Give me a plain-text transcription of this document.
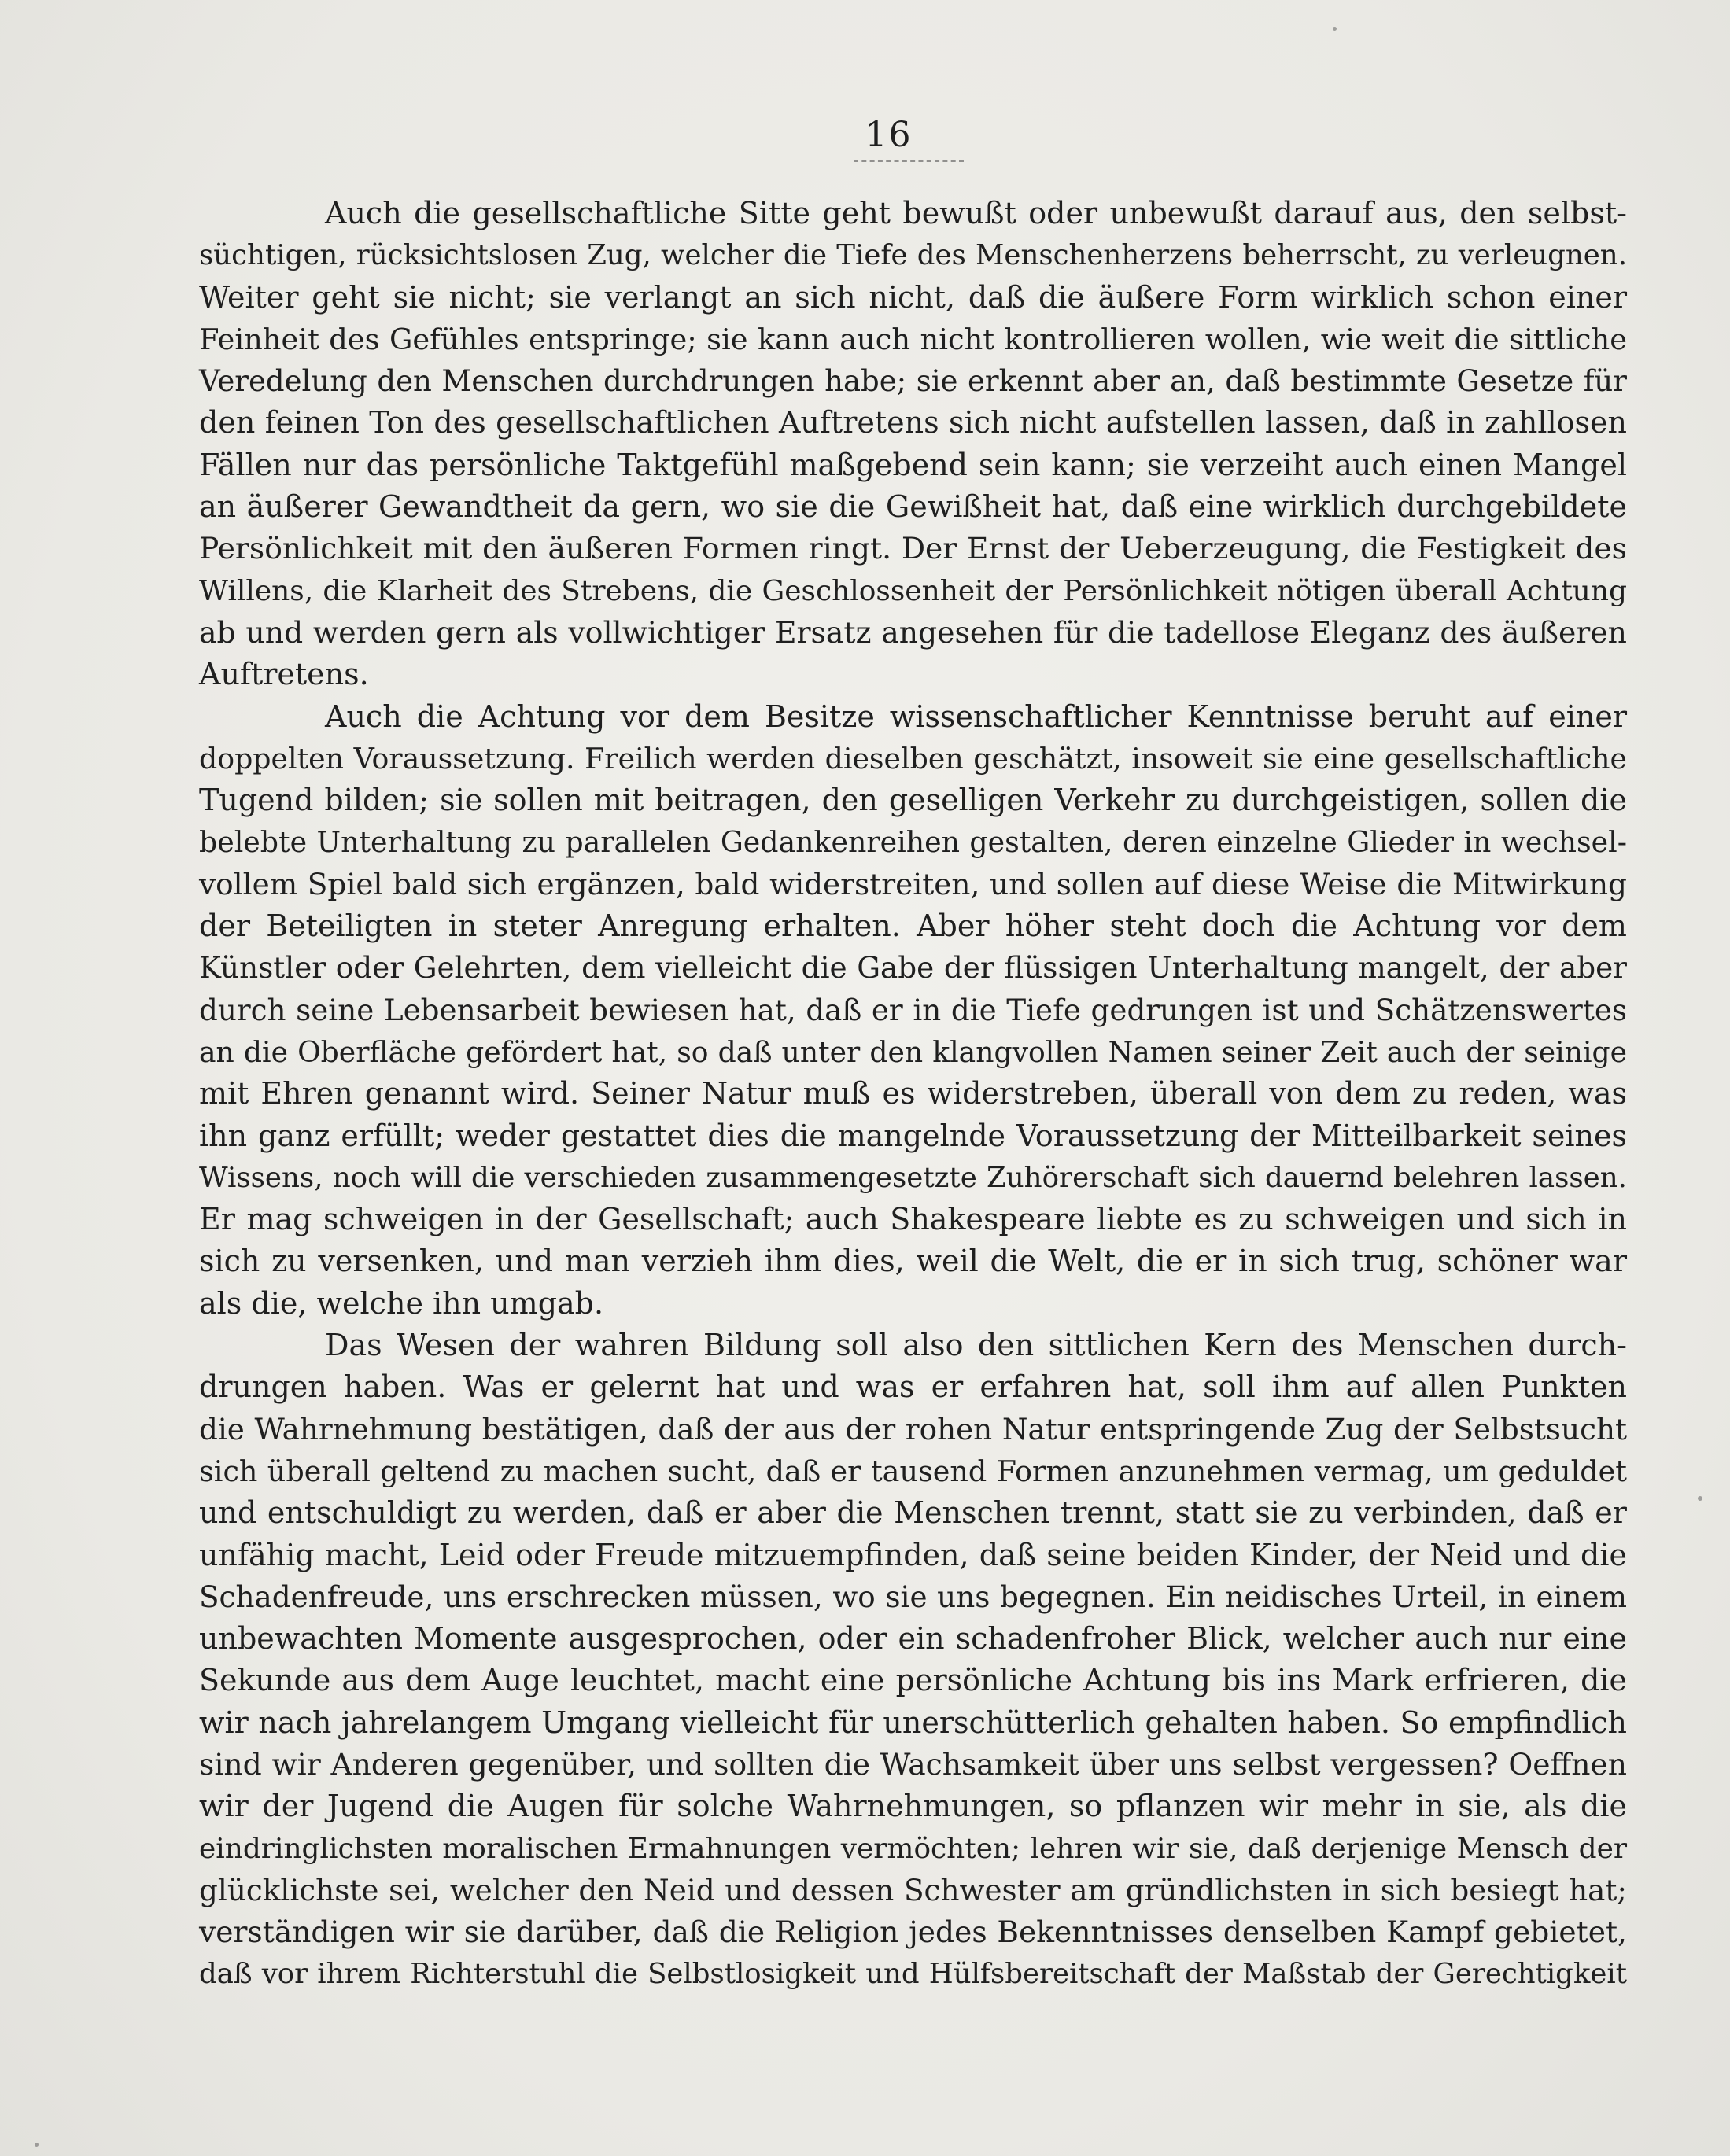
16
Auch die gesellschaftliche Sitte geht bewußt oder unbewußt darauf aus, den selbst-
süchtigen, rücksichtslosen Zug, welcher die Tiefe des Menschenherzens beherrscht, zu verleugnen.
Weiter geht sie nicht; sie verlangt an sich nicht, daß die äußere Form wirklich schon einer
Feinheit des Gefühles entspringe; sie kann auch nicht kontrollieren wollen, wie weit die sittliche
Veredelung den Menschen durchdrungen habe; sie erkennt aber an, daß bestimmte Gesetze für
den feinen Ton des gesellschaftlichen Auftretens sich nicht aufstellen lassen, daß in zahllosen
Fällen nur das persönliche Taktgefühl maßgebend sein kann; sie verzeiht auch einen Mangel
an äußerer Gewandtheit da gern, wo sie die Gewißheit hat, daß eine wirklich durchgebildete
Persönlichkeit mit den äußeren Formen ringt. Der Ernst der Ueberzeugung, die Festigkeit des
Willens, die Klarheit des Strebens, die Geschlossenheit der Persönlichkeit nötigen überall Achtung
ab und werden gern als vollwichtiger Ersatz angesehen für die tadellose Eleganz des äußeren
Auftretens.
Auch die Achtung vor dem Besitze wissenschaftlicher Kenntnisse beruht auf einer
doppelten Voraussetzung. Freilich werden dieselben geschätzt, insoweit sie eine gesellschaftliche
Tugend bilden; sie sollen mit beitragen, den geselligen Verkehr zu durchgeistigen, sollen die
belebte Unterhaltung zu parallelen Gedankenreihen gestalten, deren einzelne Glieder in wechsel-
vollem Spiel bald sich ergänzen, bald widerstreiten, und sollen auf diese Weise die Mitwirkung
der Beteiligten in steter Anregung erhalten. Aber höher steht doch die Achtung vor dem
Künstler oder Gelehrten, dem vielleicht die Gabe der flüssigen Unterhaltung mangelt, der aber
durch seine Lebensarbeit bewiesen hat, daß er in die Tiefe gedrungen ist und Schätzenswertes
an die Oberfläche gefördert hat, so daß unter den klangvollen Namen seiner Zeit auch der seinige
mit Ehren genannt wird. Seiner Natur muß es widerstreben, überall von dem zu reden, was
ihn ganz erfüllt; weder gestattet dies die mangelnde Voraussetzung der Mitteilbarkeit seines
Wissens, noch will die verschieden zusammengesetzte Zuhörerschaft sich dauernd belehren lassen.
Er mag schweigen in der Gesellschaft; auch Shakespeare liebte es zu schweigen und sich in
sich zu versenken, und man verzieh ihm dies, weil die Welt, die er in sich trug, schöner war
als die, welche ihn umgab.
Das Wesen der wahren Bildung soll also den sittlichen Kern des Menschen durch-
drungen haben. Was er gelernt hat und was er erfahren hat, soll ihm auf allen Punkten
die Wahrnehmung bestätigen, daß der aus der rohen Natur entspringende Zug der Selbstsucht
sich überall geltend zu machen sucht, daß er tausend Formen anzunehmen vermag, um geduldet
und entschuldigt zu werden, daß er aber die Menschen trennt, statt sie zu verbinden, daß er
unfähig macht, Leid oder Freude mitzuempfinden, daß seine beiden Kinder, der Neid und die
Schadenfreude, uns erschrecken müssen, wo sie uns begegnen. Ein neidisches Urteil, in einem
unbewachten Momente ausgesprochen, oder ein schadenfroher Blick, welcher auch nur eine
Sekunde aus dem Auge leuchtet, macht eine persönliche Achtung bis ins Mark erfrieren, die
wir nach jahrelangem Umgang vielleicht für unerschütterlich gehalten haben. So empfindlich
sind wir Anderen gegenüber, und sollten die Wachsamkeit über uns selbst vergessen? Oeffnen
wir der Jugend die Augen für solche Wahrnehmungen, so pflanzen wir mehr in sie, als die
eindringlichsten moralischen Ermahnungen vermöchten; lehren wir sie, daß derjenige Mensch der
glücklichste sei, welcher den Neid und dessen Schwester am gründlichsten in sich besiegt hat;
verständigen wir sie darüber, daß die Religion jedes Bekenntnisses denselben Kampf gebietet,
daß vor ihrem Richterstuhl die Selbstlosigkeit und Hülfsbereitschaft der Maßstab der Gerechtigkeit
